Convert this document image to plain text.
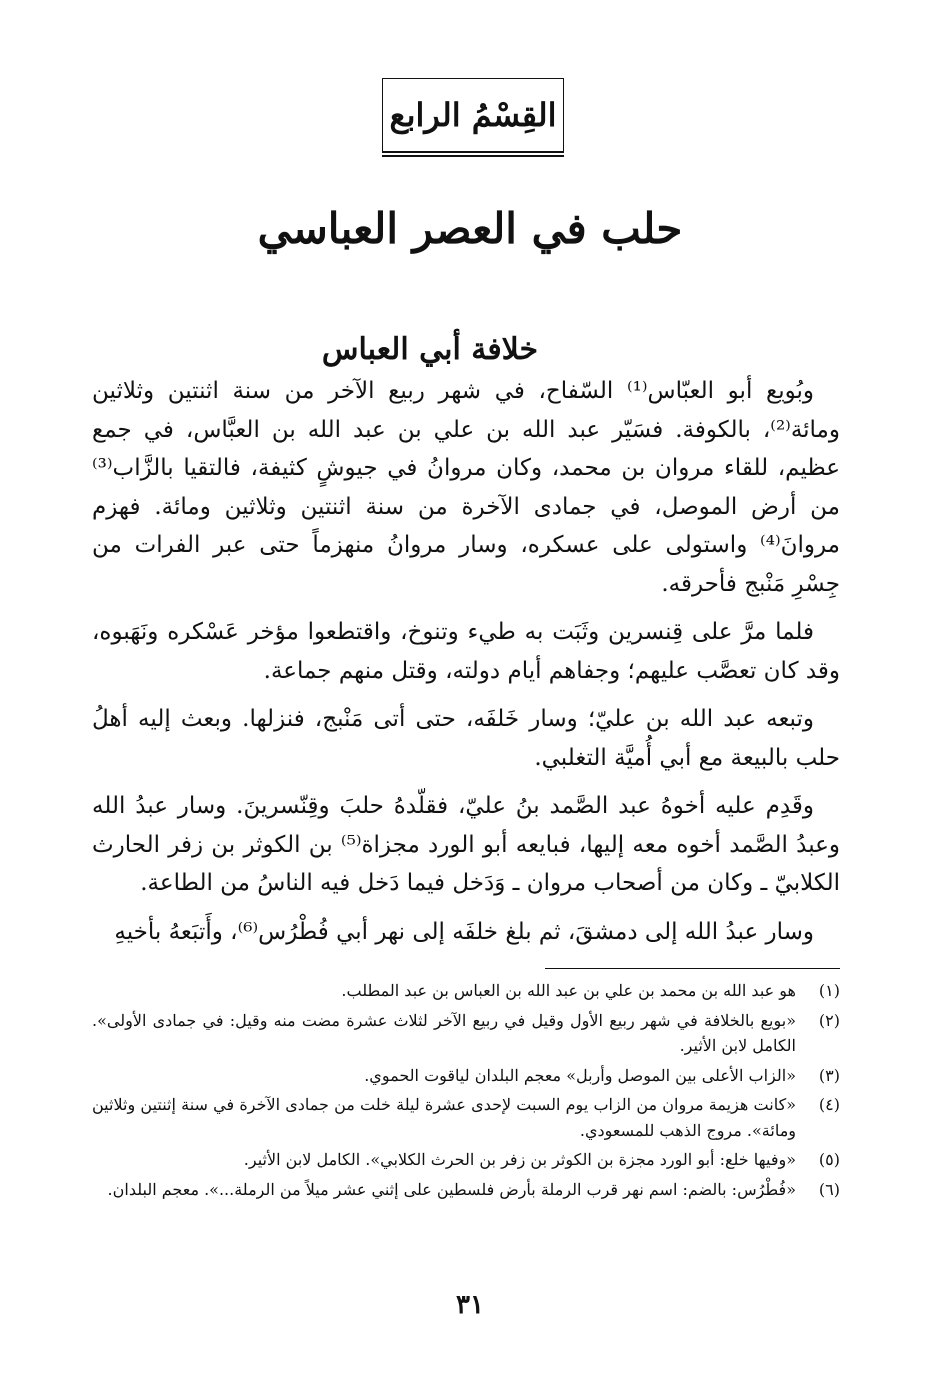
القِسْمُ الرابع
حلب في العصر العباسي
خلافة أبي العباس

وبُويع أبو العبّاس⁽¹⁾ السّفاح، في شهر ربيع الآخر من سنة اثنتين وثلاثين ومائة⁽²⁾، بالكوفة. فسَيّر عبد الله بن علي بن عبد الله بن العبَّاس، في جمع عظيم، للقاء مروان بن محمد، وكان مروانُ في جيوشٍ كثيفة، فالتقيا بالزَّاب⁽³⁾ من أرض الموصل، في جمادى الآخرة من سنة اثنتين وثلاثين ومائة. فهزم مروانَ⁽⁴⁾ واستولى على عسكره، وسار مروانُ منهزماً حتى عبر الفرات من جِسْرِ مَنْبج فأحرقه.

فلما مرَّ على قِنسرين وثَبَت به طيء وتنوخ، واقتطعوا مؤخر عَسْكره ونَهَبوه، وقد كان تعصَّب عليهم؛ وجفاهم أيام دولته، وقتل منهم جماعة.

وتبعه عبد الله بن عليّ؛ وسار خَلفَه، حتى أتى مَنْبج، فنزلها. وبعث إليه أهلُ حلب بالبيعة مع أبي أُميَّة التغلبي.

وقَدِم عليه أخوهُ عبد الصَّمد بنُ عليّ، فقلّدهُ حلبَ وقِنّسرينَ. وسار عبدُ الله وعبدُ الصَّمد أخوه معه إليها، فبايعه أبو الورد مجزاة⁽⁵⁾ بن الكوثر بن زفر الحارث الكلابيّ ـ وكان من أصحاب مروان ـ وَدَخل فيما دَخل فيه الناسُ من الطاعة.

وسار عبدُ الله إلى دمشقَ، ثم بلغ خلفَه إلى نهر أبي فُطْرُس⁽⁶⁾، وأَتبَعهُ بأخيهِ

(١)
هو عبد الله بن محمد بن علي بن عبد الله بن العباس بن عبد المطلب.
(٢)
«بويع بالخلافة في شهر ربيع الأول وقيل في ربيع الآخر لثلاث عشرة مضت منه وقيل: في جمادى الأولى». الكامل لابن الأثير.
(٣)
«الزاب الأعلى بين الموصل وأربل» معجم البلدان لياقوت الحموي.
(٤)
«كانت هزيمة مروان من الزاب يوم السبت لإحدى عشرة ليلة خلت من جمادى الآخرة في سنة إثنتين وثلاثين ومائة». مروج الذهب للمسعودي.
(٥)
«وفيها خلع: أبو الورد مجزة بن الكوثر بن زفر بن الحرث الكلابي». الكامل لابن الأثير.
(٦)
«فُطْرُس: بالضم: اسم نهر قرب الرملة بأرض فلسطين على إثني عشر ميلاً من الرملة...». معجم البلدان.
٣١
